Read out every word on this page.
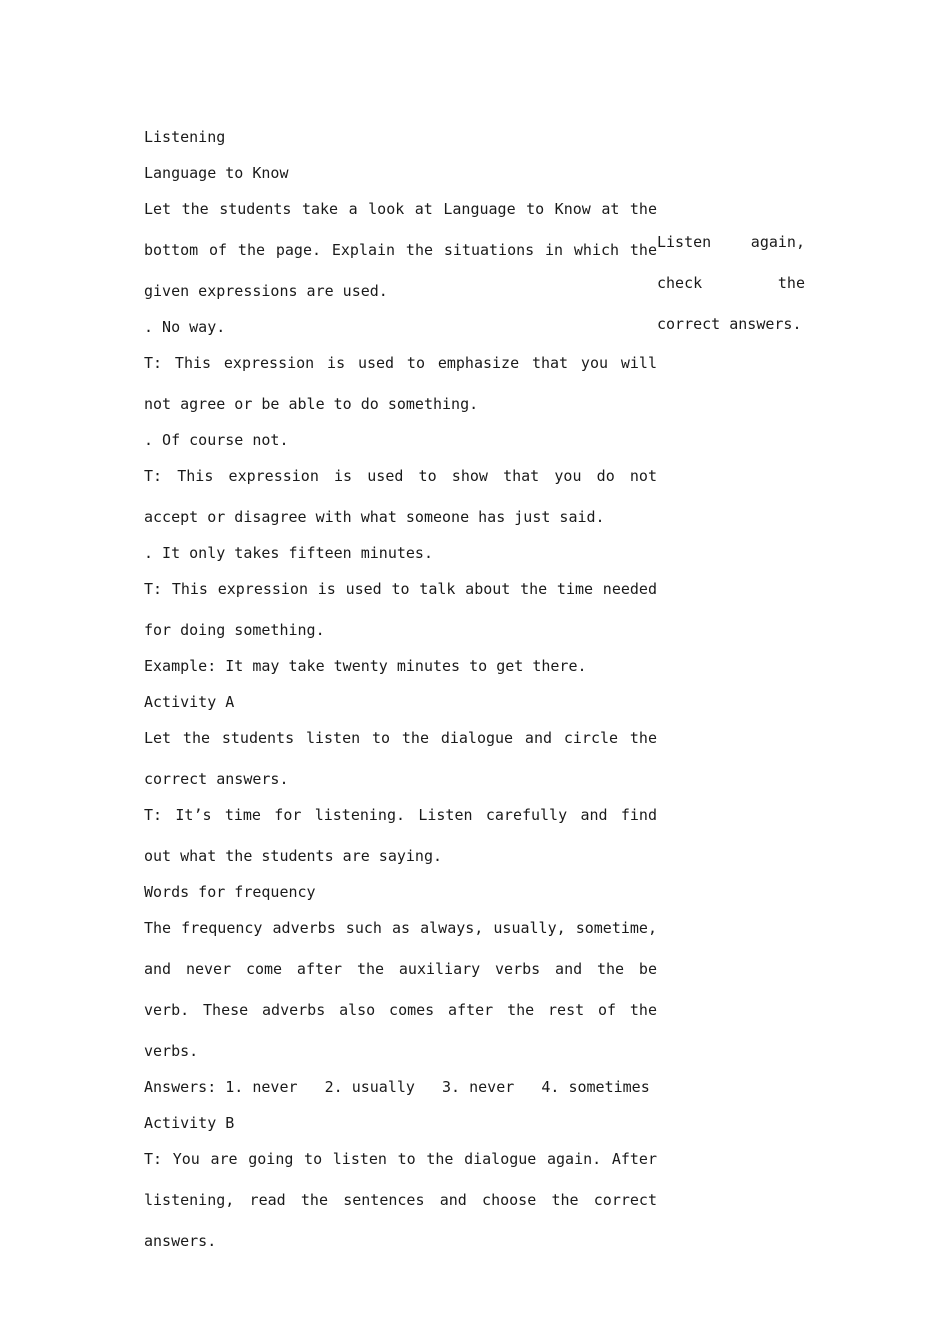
Listening
Language to Know
Let the students take a look at Language to Know at the bottom of the page. Explain the situations in which the given expressions are used.
. No way.
T: This expression is used to emphasize that you will not agree or be able to do something.
. Of course not.
T: This expression is used to show that you do not accept or disagree with what someone has just said.
. It only takes fifteen minutes.
T: This expression is used to talk about the time needed for doing something.
Example: It may take twenty minutes to get there.
Activity A
Let the students listen to the dialogue and circle the correct answers.
T: It’s time for listening. Listen carefully and find out what the students are saying.
Words for frequency
The frequency adverbs such as always, usually, sometime, and never come after the auxiliary verbs and the be verb. These adverbs also comes after the rest of the verbs.
Answers: 1. never   2. usually   3. never   4. sometimes
Activity B
T: You are going to listen to the dialogue again. After listening, read the sentences and choose the correct answers.
Listen again, check the correct answers.
